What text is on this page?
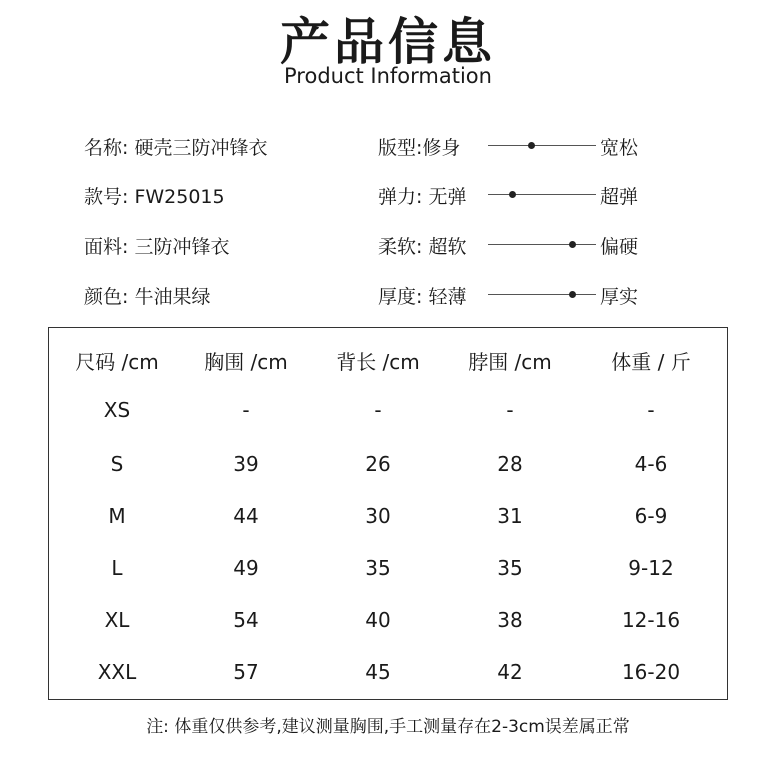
产品信息
Product Information
名称: 硬壳三防冲锋衣
款号: FW25015
面料: 三防冲锋衣
颜色: 牛油果绿
版型:修身	宽松
弹力: 无弹	超弹
柔软: 超软	偏硬
厚度: 轻薄	厚实
尺码 /cm	胸围 /cm	背长 /cm	脖围 /cm	体重 / 斤
XS	-	-	-	-
S	39	26	28	4-6
M	44	30	31	6-9
L	49	35	35	9-12
XL	54	40	38	12-16
XXL	57	45	42	16-20
注: 体重仅供参考,建议测量胸围,手工测量存在2-3cm误差属正常
